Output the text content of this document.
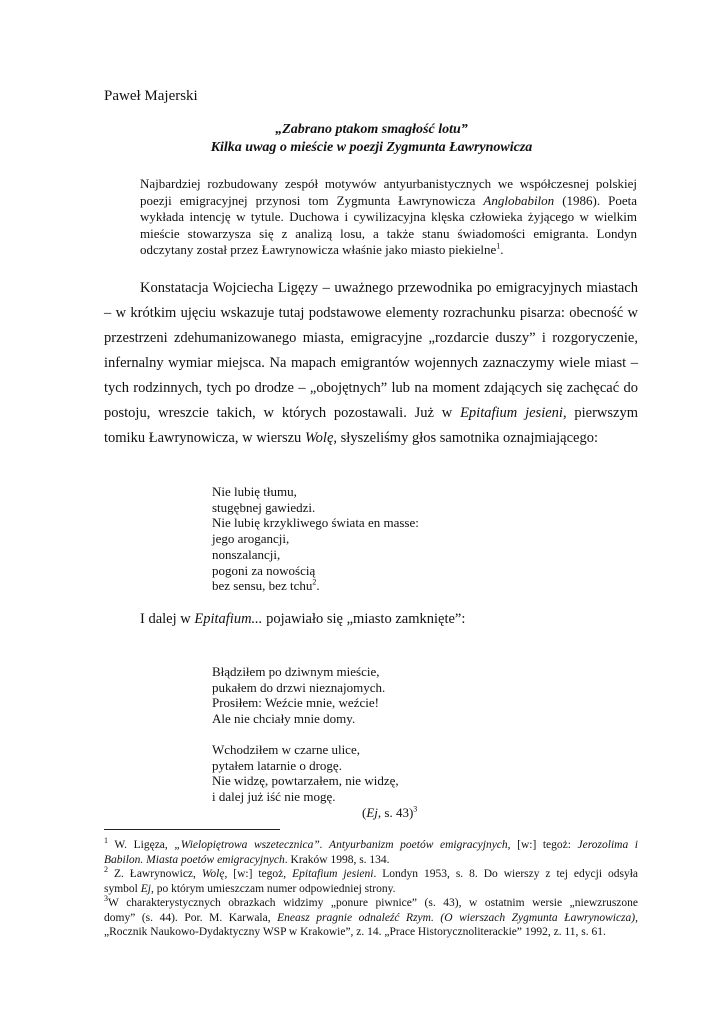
Paweł Majerski
„Zabrano ptakom smagłość lotu”
Kilka uwag o mieście w poezji Zygmunta Ławrynowicza
Najbardziej rozbudowany zespół motywów antyurbanistycznych we współczesnej polskiej
poezji emigracyjnej przynosi tom Zygmunta Ławrynowicza Anglobabilon (1986). Poeta
wykłada intencję w tytule. Duchowa i cywilizacyjna klęska człowieka żyjącego w wielkim
mieście stowarzysza się z analizą losu, a także stanu świadomości emigranta. Londyn
odczytany został przez Ławrynowicza właśnie jako miasto piekielne$^1$.
Konstatacja Wojciecha Ligęzy – uważnego przewodnika po emigracyjnych miastach
– w krótkim ujęciu wskazuje tutaj podstawowe elementy rozrachunku pisarza: obecność w
przestrzeni zdehumanizowanego miasta, emigracyjne „rozdarcie duszy” i rozgoryczenie,
infernalny wymiar miejsca. Na mapach emigrantów wojennych zaznaczymy wiele miast –
tych rodzinnych, tych po drodze – „obojętnych” lub na moment zdających się zachęcać do
postoju, wreszcie takich, w których pozostawali. Już w Epitafium jesieni, pierwszym
tomiku Ławrynowicza, w wierszu Wolę, słyszeliśmy głos samotnika oznajmiającego:
Nie lubię tłumu,
stugębnej gawiedzi.
Nie lubię krzykliwego świata en masse:
jego arogancji,
nonszalancji,
pogoni za nowością
bez sensu, bez tchu$^2$.
I dalej w Epitafium... pojawiało się „miasto zamknięte”:
Błądziłem po dziwnym mieście,
pukałem do drzwi nieznajomych.
Prosiłem: Weźcie mnie, weźcie!
Ale nie chciały mnie domy.
Wchodziłem w czarne ulice,
pytałem latarnie o drogę.
Nie widzę, powtarzałem, nie widzę,
i dalej już iść nie mogę.
(Ej, s. 43)$^3$
$^1$ W. Ligęza, „Wielopiętrowa wszetecznica”. Antyurbanizm poetów emigracyjnych, [w:] tegoż: Jerozolima i
Babilon. Miasta poetów emigracyjnych. Kraków 1998, s. 134.
$^2$ Z. Ławrynowicz, Wolę, [w:] tegoż, Epitafium jesieni. Londyn 1953, s. 8. Do wierszy z tej edycji odsyła
symbol Ej, po którym umieszczam numer odpowiedniej strony.
$^3$W charakterystycznych obrazkach widzimy „ponure piwnice” (s. 43), w ostatnim wersie „niewzruszone
domy” (s. 44). Por. M. Karwala, Eneasz pragnie odnaleźć Rzym. (O wierszach Zygmunta Ławrynowicza),
„Rocznik Naukowo-Dydaktyczny WSP w Krakowie”, z. 14. „Prace Historycznoliterackie” 1992, z. 11, s. 61.
